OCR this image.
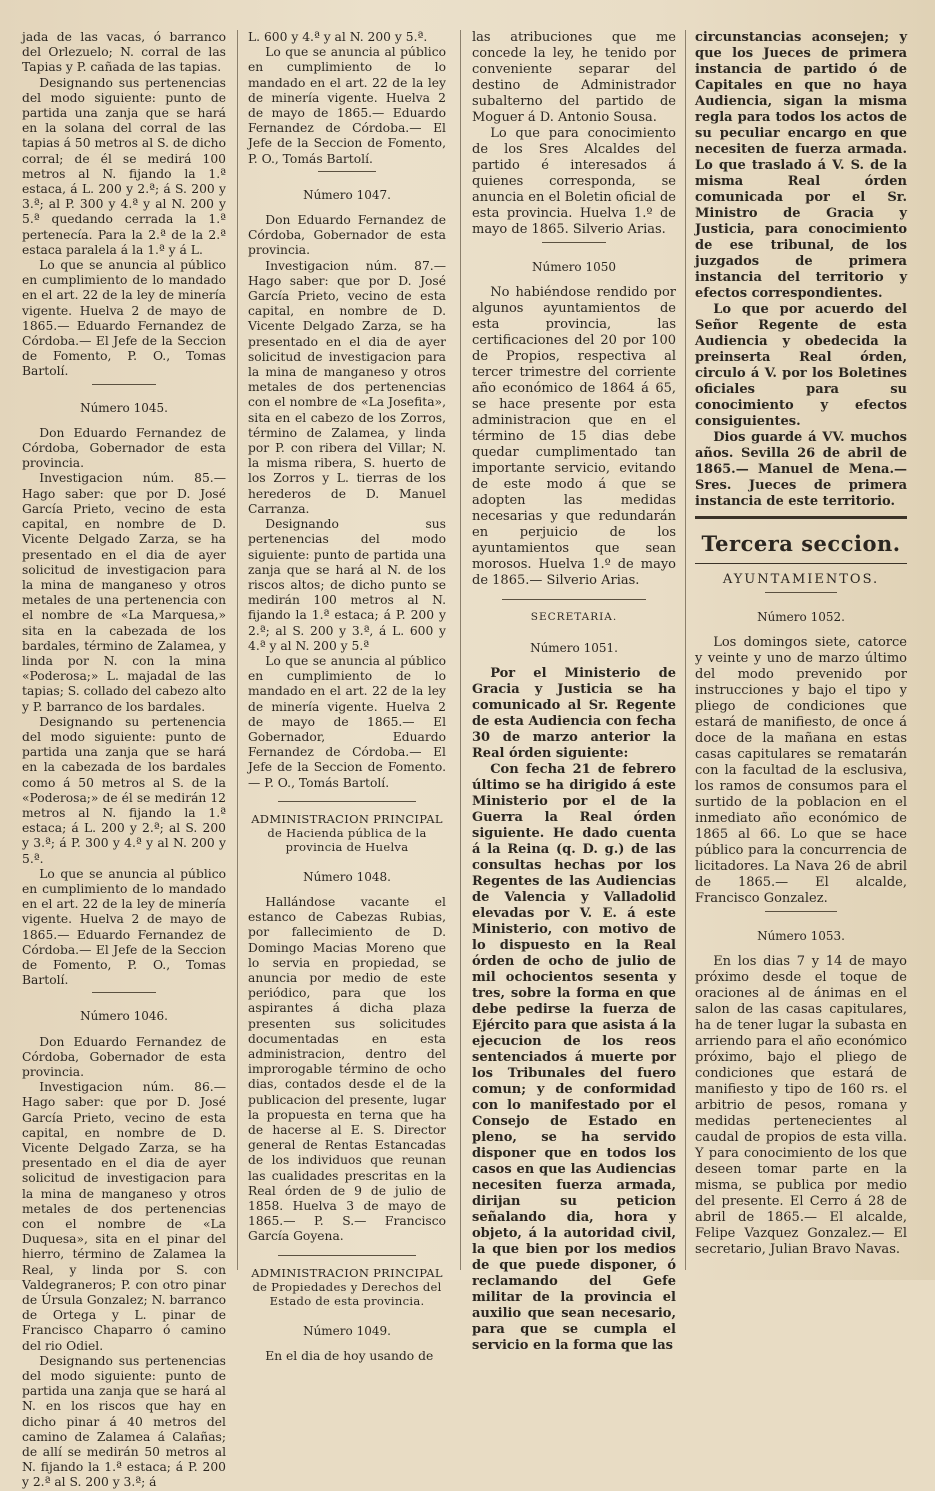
jada de las vacas, ó barranco del Orlezuelo; N. corral de las Tapias y P. cañada de las tapias.

Designando sus pertenencias del modo siguiente: punto de partida una zanja que se hará en la solana del corral de las tapias á 50 metros al S. de dicho corral; de él se medirá 100 metros al N. fijando la 1.ª estaca, á L. 200 y 2.ª; á S. 200 y 3.ª; al P. 300 y 4.ª y al N. 200 y 5.ª quedando cerrada la 1.ª pertenecía. Para la 2.ª de la 2.ª estaca paralela á la 1.ª y á L.

Lo que se anuncia al público en cumplimiento de lo mandado en el art. 22 de la ley de minería vigente. Huelva 2 de mayo de 1865.— Eduardo Fernandez de Córdoba.— El Jefe de la Seccion de Fomento, P. O., Tomas Bartolí.

Número 1045.

Don Eduardo Fernandez de Córdoba, Gobernador de esta provincia.

Investigacion núm. 85.— Hago saber: que por D. José García Prieto, vecino de esta capital, en nombre de D. Vicente Delgado Zarza, se ha presentado en el dia de ayer solicitud de investigacion para la mina de manganeso y otros metales de una pertenencia con el nombre de «La Marquesa,» sita en la cabezada de los bardales, término de Zalamea, y linda por N. con la mina «Poderosa;» L. majadal de las tapias; S. collado del cabezo alto y P. barranco de los bardales.

Designando su pertenencia del modo siguiente: punto de partida una zanja que se hará en la cabezada de los bardales como á 50 metros al S. de la «Poderosa;» de él se medirán 12 metros al N. fijando la 1.ª estaca; á L. 200 y 2.ª; al S. 200 y 3.ª; á P. 300 y 4.ª y al N. 200 y 5.ª.

Lo que se anuncia al público en cumplimiento de lo mandado en el art. 22 de la ley de minería vigente. Huelva 2 de mayo de 1865.— Eduardo Fernandez de Córdoba.— El Jefe de la Seccion de Fomento, P. O., Tomas Bartolí.

Número 1046.

Don Eduardo Fernandez de Córdoba, Gobernador de esta provincia.

Investigacion núm. 86.— Hago saber: que por D. José García Prieto, vecino de esta capital, en nombre de D. Vicente Delgado Zarza, se ha presentado en el dia de ayer solicitud de investigacion para la mina de manganeso y otros metales de dos pertenencias con el nombre de «La Duquesa», sita en el pinar del hierro, término de Zalamea la Real, y linda por S. con Valdegraneros; P. con otro pinar de Úrsula Gonzalez; N. barranco de Ortega y L. pinar de Francisco Chaparro ó camino del rio Odiel.

Designando sus pertenencias del modo siguiente: punto de partida una zanja que se hará al N. en los riscos que hay en dicho pinar á 40 metros del camino de Zalamea á Calañas; de allí se medirán 50 metros al N. fijando la 1.ª estaca; á P. 200 y 2.ª al S. 200 y 3.ª; á

L. 600 y 4.ª y al N. 200 y 5.ª.

Lo que se anuncia al público en cumplimiento de lo mandado en el art. 22 de la ley de minería vigente. Huelva 2 de mayo de 1865.— Eduardo Fernandez de Córdoba.— El Jefe de la Seccion de Fomento, P. O., Tomás Bartolí.

Número 1047.

Don Eduardo Fernandez de Córdoba, Gobernador de esta provincia.

Investigacion núm. 87.— Hago saber: que por D. José García Prieto, vecino de esta capital, en nombre de D. Vicente Delgado Zarza, se ha presentado en el dia de ayer solicitud de investigacion para la mina de manganeso y otros metales de dos pertenencias con el nombre de «La Josefita», sita en el cabezo de los Zorros, término de Zalamea, y linda por P. con ribera del Villar; N. la misma ribera, S. huerto de los Zorros y L. tierras de los herederos de D. Manuel Carranza.

Designando sus pertenencias del modo siguiente: punto de partida una zanja que se hará al N. de los riscos altos; de dicho punto se medirán 100 metros al N. fijando la 1.ª estaca; á P. 200 y 2.ª; al S. 200 y 3.ª, á L. 600 y 4.ª y al N. 200 y 5.ª

Lo que se anuncia al público en cumplimiento de lo mandado en el art. 22 de la ley de minería vigente. Huelva 2 de mayo de 1865.— El Gobernador, Eduardo Fernandez de Córdoba.— El Jefe de la Seccion de Fomento.— P. O., Tomás Bartolí.

ADMINISTRACION PRINCIPAL de Hacienda pública de la provincia de Huelva
Número 1048.

Hallándose vacante el estanco de Cabezas Rubias, por fallecimiento de D. Domingo Macias Moreno que lo servia en propiedad, se anuncia por medio de este periódico, para que los aspirantes á dicha plaza presenten sus solicitudes documentadas en esta administracion, dentro del improrogable término de ocho dias, contados desde el de la publicacion del presente, lugar la propuesta en terna que ha de hacerse al E. S. Director general de Rentas Estancadas de los individuos que reunan las cualidades prescritas en la Real órden de 9 de julio de 1858. Huelva 3 de mayo de 1865.— P. S.— Francisco García Goyena.

ADMINISTRACION PRINCIPAL de Propiedades y Derechos del Estado de esta provincia.
Número 1049.

En el dia de hoy usando de

las atribuciones que me concede la ley, he tenido por conveniente separar del destino de Administrador subalterno del partido de Moguer á D. Antonio Sousa.

Lo que para conocimiento de los Sres Alcaldes del partido é interesados á quienes corresponda, se anuncia en el Boletin oficial de esta provincia. Huelva 1.º de mayo de 1865. Silverio Arias.

Número 1050

No habiéndose rendido por algunos ayuntamientos de esta provincia, las certificaciones del 20 por 100 de Propios, respectiva al tercer trimestre del corriente año económico de 1864 á 65, se hace presente por esta administracion que en el término de 15 dias debe quedar cumplimentado tan importante servicio, evitando de este modo á que se adopten las medidas necesarias y que redundarán en perjuicio de los ayuntamientos que sean morosos. Huelva 1.º de mayo de 1865.— Silverio Arias.

SECRETARIA.
Número 1051.

Por el Ministerio de Gracia y Justicia se ha comunicado al Sr. Regente de esta Audiencia con fecha 30 de marzo anterior la Real órden siguiente:

Con fecha 21 de febrero último se ha dirigido á este Ministerio por el de la Guerra la Real órden siguiente. He dado cuenta á la Reina (q. D. g.) de las consultas hechas por los Regentes de las Audiencias de Valencia y Valladolid elevadas por V. E. á este Ministerio, con motivo de lo dispuesto en la Real órden de ocho de julio de mil ochocientos sesenta y tres, sobre la forma en que debe pedirse la fuerza de Ejército para que asista á la ejecucion de los reos sentenciados á muerte por los Tribunales del fuero comun; y de conformidad con lo manifestado por el Consejo de Estado en pleno, se ha servido disponer que en todos los casos en que las Audiencias necesiten fuerza armada, dirijan su peticion señalando dia, hora y objeto, á la autoridad civil, la que bien por los medios de que puede disponer, ó reclamando del Gefe militar de la provincia el auxilio que sean necesario, para que se cumpla el servicio en la forma que las

circunstancias aconsejen; y que los Jueces de primera instancia de partido ó de Capitales en que no haya Audiencia, sigan la misma regla para todos los actos de su peculiar encargo en que necesiten de fuerza armada. Lo que traslado á V. S. de la misma Real órden comunicada por el Sr. Ministro de Gracia y Justicia, para conocimiento de ese tribunal, de los juzgados de primera instancia del territorio y efectos correspondientes.

Lo que por acuerdo del Señor Regente de esta Audiencia y obedecida la preinserta Real órden, circulo á V. por los Boletines oficiales para su conocimiento y efectos consiguientes.

Dios guarde á VV. muchos años. Sevilla 26 de abril de 1865.— Manuel de Mena.— Sres. Jueces de primera instancia de este territorio.

Tercera seccion.
AYUNTAMIENTOS.
Número 1052.

Los domingos siete, catorce y veinte y uno de marzo último del modo prevenido por instrucciones y bajo el tipo y pliego de condiciones que estará de manifiesto, de once á doce de la mañana en estas casas capitulares se rematarán con la facultad de la esclusiva, los ramos de consumos para el surtido de la poblacion en el inmediato año económico de 1865 al 66. Lo que se hace público para la concurrencia de licitadores. La Nava 26 de abril de 1865.— El alcalde, Francisco Gonzalez.

Número 1053.

En los dias 7 y 14 de mayo próximo desde el toque de oraciones al de ánimas en el salon de las casas capitulares, ha de tener lugar la subasta en arriendo para el año económico próximo, bajo el pliego de condiciones que estará de manifiesto y tipo de 160 rs. el arbitrio de pesos, romana y medidas pertenecientes al caudal de propios de esta villa. Y para conocimiento de los que deseen tomar parte en la misma, se publica por medio del presente. El Cerro á 28 de abril de 1865.— El alcalde, Felipe Vazquez Gonzalez.— El secretario, Julian Bravo Navas.
